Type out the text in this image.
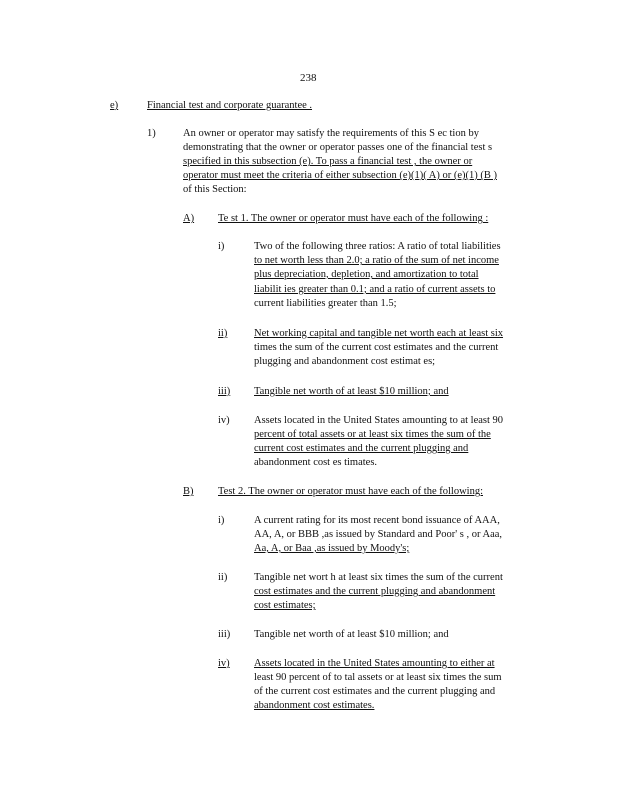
238
e)	Financial test and corporate guarantee .
1)	An owner or operator may satisfy the requirements of this S ec tion by
demonstrating that the owner or operator passes one of the financial test s
specified in this subsection (e). To pass a financial test , the owner or
operator must meet the criteria of either subsection (e)(1)( A) or (e)(1) (B )
of this Section:
A) Te st 1. The owner or operator must have each of the following :
i)	Two of the following three ratios: A ratio of total liabilities
to net worth less than 2.0; a ratio of the sum of net income
plus depreciation, depletion, and amortization to total
liabilit ies greater than 0.1; and a ratio of current assets to
current liabilities greater than 1.5;
ii)	Net working capital and tangible net worth each at least six
times the sum of the current cost estimates and the current
plugging and abandonment cost estimat es;
iii) Tangible net worth of at least $10 million; and
iv) Assets located in the United States amounting to at least 90
percent of total assets or at least six times the sum of the
current cost estimates and the current plugging and
abandonment cost es timates.
B) Test 2. The owner or operator must have each of the following:
i)	A current rating for its most recent bond issuance of AAA,
AA, A, or BBB ,as issued by Standard and Poor' s , or Aaa,
Aa, A, or Baa ,as issued by Moody's;
ii)	Tangible net wort h at least six times the sum of the current
cost estimates and the current plugging and abandonment
cost estimates;
iii) Tangible net worth of at least $10 million; and
iv) Assets located in the United States amounting to either at
least 90 percent of to tal assets or at least six times the sum
of the current cost estimates and the current plugging and
abandonment cost estimates.
